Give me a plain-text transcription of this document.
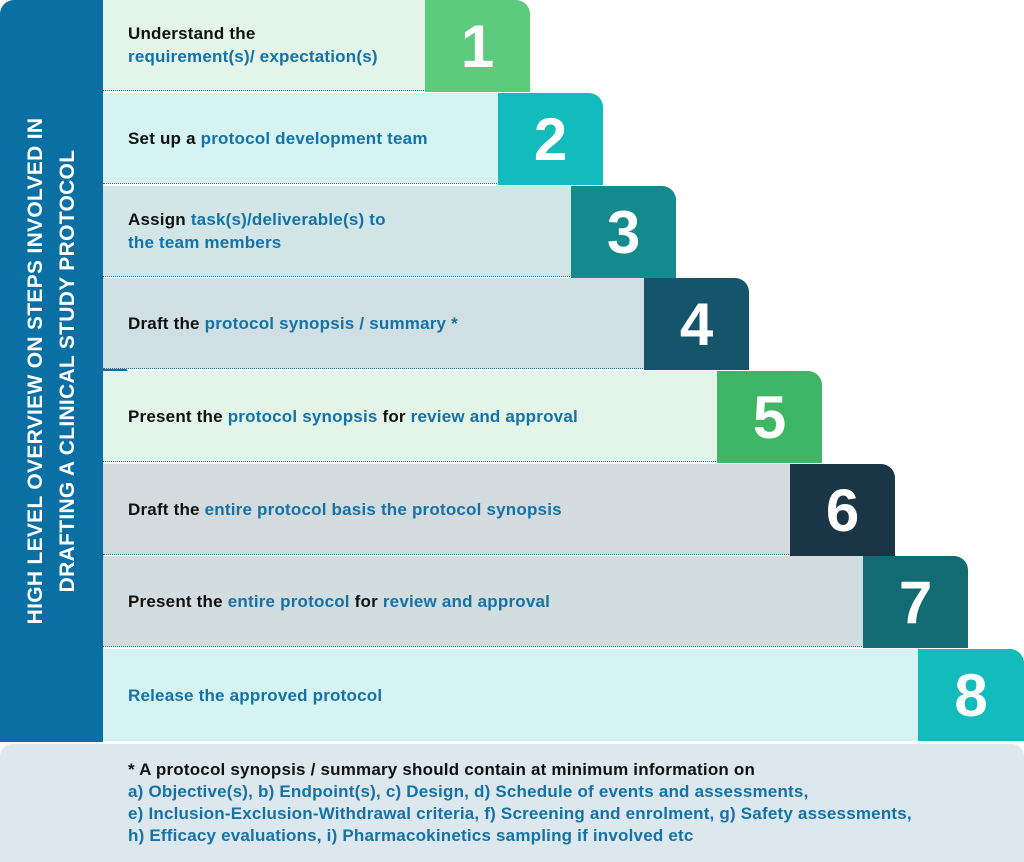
HIGH LEVEL OVERVIEW ON STEPS INVOLVED IN DRAFTING A CLINICAL STUDY PROTOCOL
Understand the
requirement(s)/ expectation(s) 1
Set up a protocol development team 2
Assign task(s)/deliverable(s) to
the team members	3
Draft the protocol synopsis / summary *	4
Present the protocol synopsis for review and approval	5
Draft the entire protocol basis the protocol synopsis	6
Present the entire protocol for review and approval	7
Release the approved protocol	8
* A protocol synopsis / summary should contain at minimum information on
a) Objective(s), b) Endpoint(s), c) Design, d) Schedule of events and assessments,
e) Inclusion-Exclusion-Withdrawal criteria, f) Screening and enrolment, g) Safety assessments,
h) Efficacy evaluations, i) Pharmacokinetics sampling if involved etc
